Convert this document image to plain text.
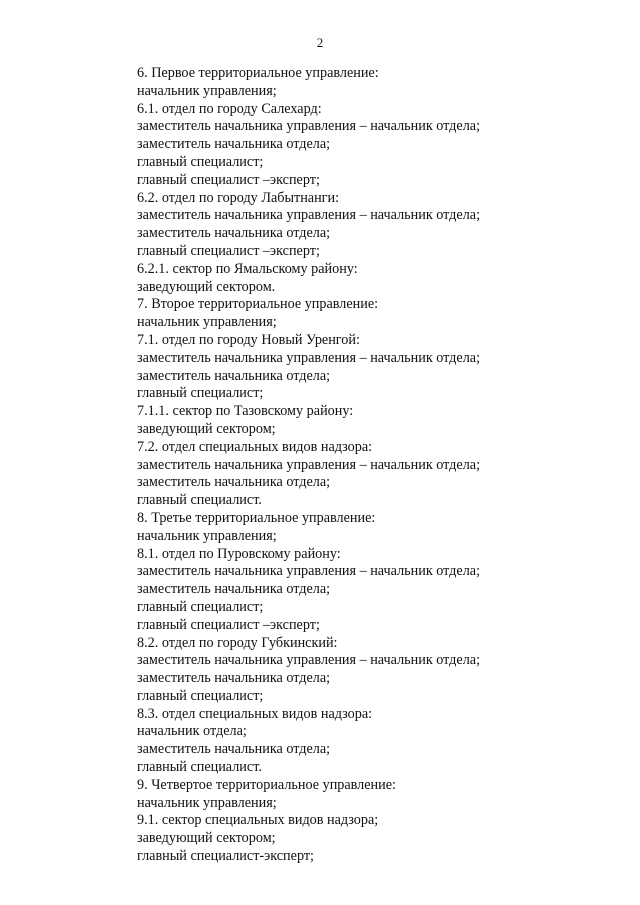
2
6. Первое территориальное управление:
начальник управления;
6.1. отдел по городу Салехард:
заместитель начальника управления – начальник отдела;
заместитель начальника отдела;
главный специалист;
главный специалист –эксперт;
6.2. отдел по городу Лабытнанги:
заместитель начальника управления – начальник отдела;
заместитель начальника отдела;
главный специалист –эксперт;
6.2.1. сектор по Ямальскому району:
заведующий сектором.
7. Второе территориальное управление:
начальник управления;
7.1. отдел по городу Новый Уренгой:
заместитель начальника управления – начальник отдела;
заместитель начальника отдела;
главный специалист;
7.1.1. сектор по Тазовскому району:
заведующий сектором;
7.2. отдел специальных видов надзора:
заместитель начальника управления – начальник отдела;
заместитель начальника отдела;
главный специалист.
8. Третье территориальное управление:
начальник управления;
8.1. отдел по Пуровскому району:
заместитель начальника управления – начальник отдела;
заместитель начальника отдела;
главный специалист;
главный специалист –эксперт;
8.2. отдел по городу Губкинский:
заместитель начальника управления – начальник отдела;
заместитель начальника отдела;
главный специалист;
8.3. отдел специальных видов надзора:
начальник отдела;
заместитель начальника отдела;
главный специалист.
9. Четвертое территориальное управление:
начальник управления;
9.1. сектор специальных видов надзора;
заведующий сектором;
главный специалист-эксперт;
